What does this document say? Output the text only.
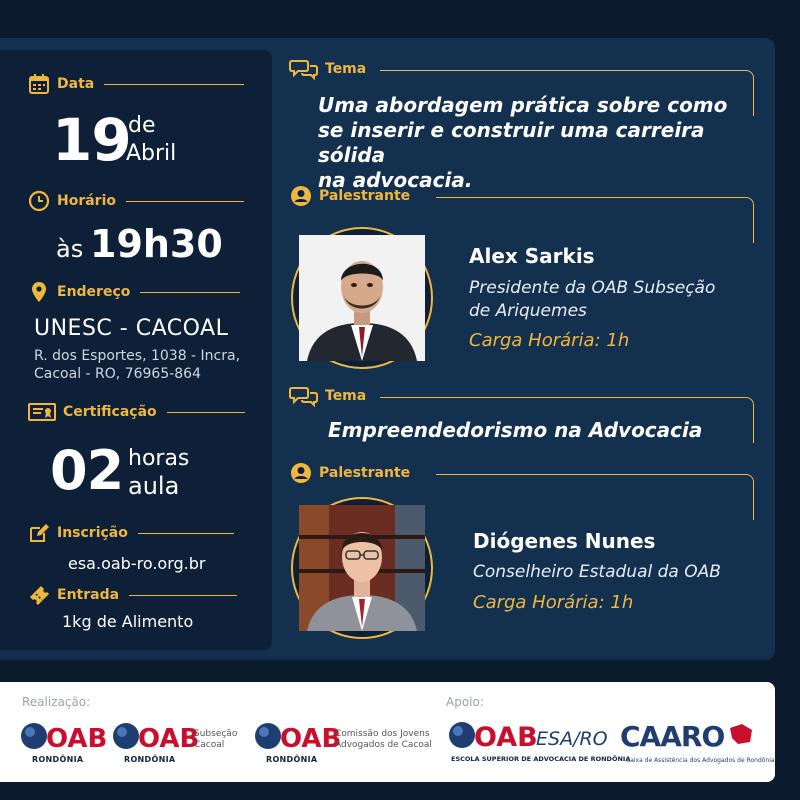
Data
19
de
Abril
Horário
às 19h30
Endereço
UNESC - CACOAL
R. dos Esportes, 1038 - Incra,
Cacoal - RO, 76965-864
Certificação
02 horas
aula
Inscrição
esa.oab-ro.org.br
Entrada
1kg de Alimento
Tema
Uma abordagem prática sobre como
se inserir e construir uma carreira sólida
na advocacia.
Palestrante
Alex Sarkis
Presidente da OAB Subseção
de Ariquemes
Carga Horária: 1h
Tema
Empreendedorismo na Advocacia
Palestrante
Diógenes Nunes
Conselheiro Estadual da OAB
Carga Horária: 1h
Realização:	Apoio:
OAB
RONDÔNIA
OAB
RONDÔNIA
Subseção
Cacoal OAB
RONDÔNIA
Comissão dos Jovens
Advogados de Cacoal OAB
ESA/RO
ESCOLA SUPERIOR DE ADVOCACIA DE RONDÔNIA
CAARO
Caixa de Assistência dos Advogados de Rondônia
